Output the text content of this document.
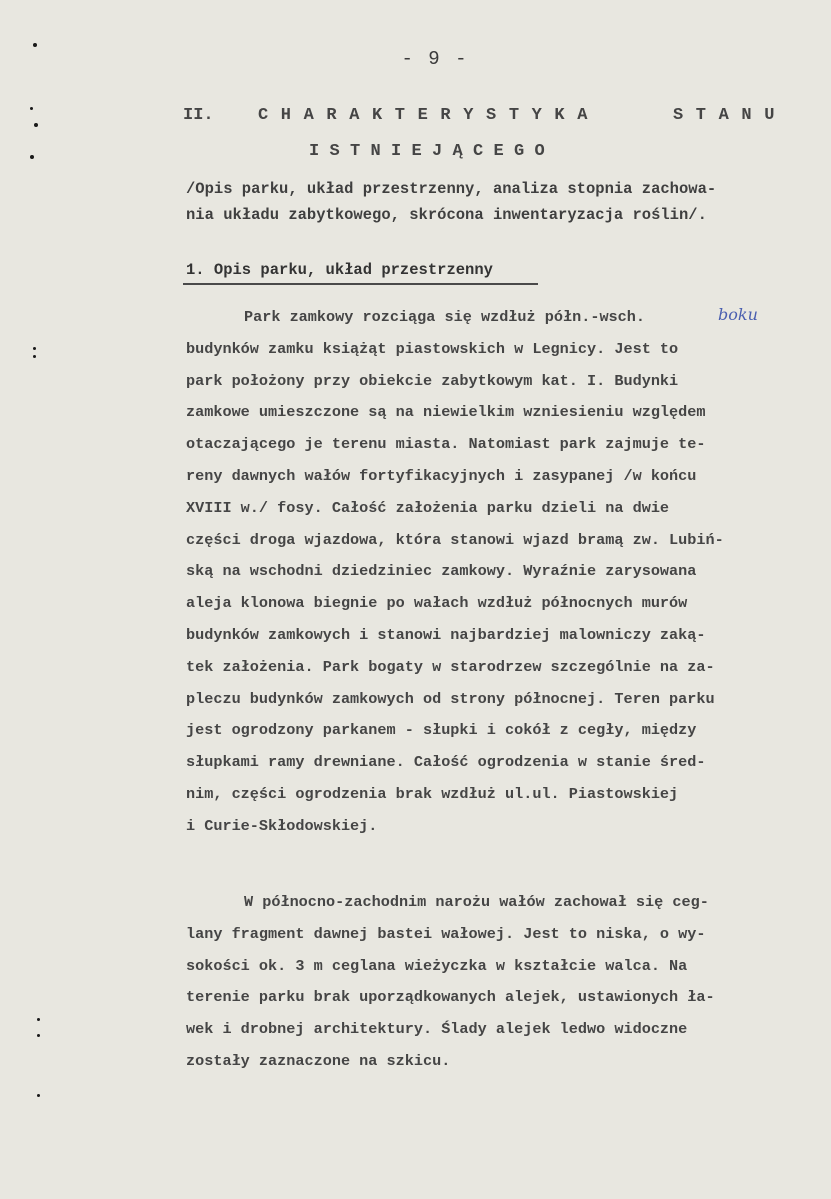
- 9 -
II.	CHARAKTERYSTYKA	STANU
ISTNIEJĄCEGO
/Opis parku, układ przestrzenny, analiza stopnia zachowa-
nia układu zabytkowego, skrócona inwentaryzacja roślin/.
1. Opis parku, układ przestrzenny
boku
Park zamkowy rozciąga się wzdłuż półn.-wsch.
budynków zamku książąt piastowskich w Legnicy. Jest to
park położony przy obiekcie zabytkowym kat. I. Budynki
zamkowe umieszczone są na niewielkim wzniesieniu względem
otaczającego je terenu miasta. Natomiast park zajmuje te-
reny dawnych wałów fortyfikacyjnych i zasypanej /w końcu
XVIII w./ fosy. Całość założenia parku dzieli na dwie
części droga wjazdowa, która stanowi wjazd bramą zw. Lubiń-
ską na wschodni dziedziniec zamkowy. Wyraźnie zarysowana
aleja klonowa biegnie po wałach wzdłuż północnych murów
budynków zamkowych i stanowi najbardziej malowniczy zaką-
tek założenia. Park bogaty w starodrzew szczególnie na za-
pleczu budynków zamkowych od strony północnej. Teren parku
jest ogrodzony parkanem - słupki i cokół z cegły, między
słupkami ramy drewniane. Całość ogrodzenia w stanie śred-
nim, części ogrodzenia brak wzdłuż ul.ul. Piastowskiej
i Curie-Skłodowskiej.
W północno-zachodnim narożu wałów zachował się ceg-
lany fragment dawnej bastei wałowej. Jest to niska, o wy-
sokości ok. 3 m ceglana wieżyczka w kształcie walca. Na
terenie parku brak uporządkowanych alejek, ustawionych ła-
wek i drobnej architektury. Ślady alejek ledwo widoczne
zostały zaznaczone na szkicu.
